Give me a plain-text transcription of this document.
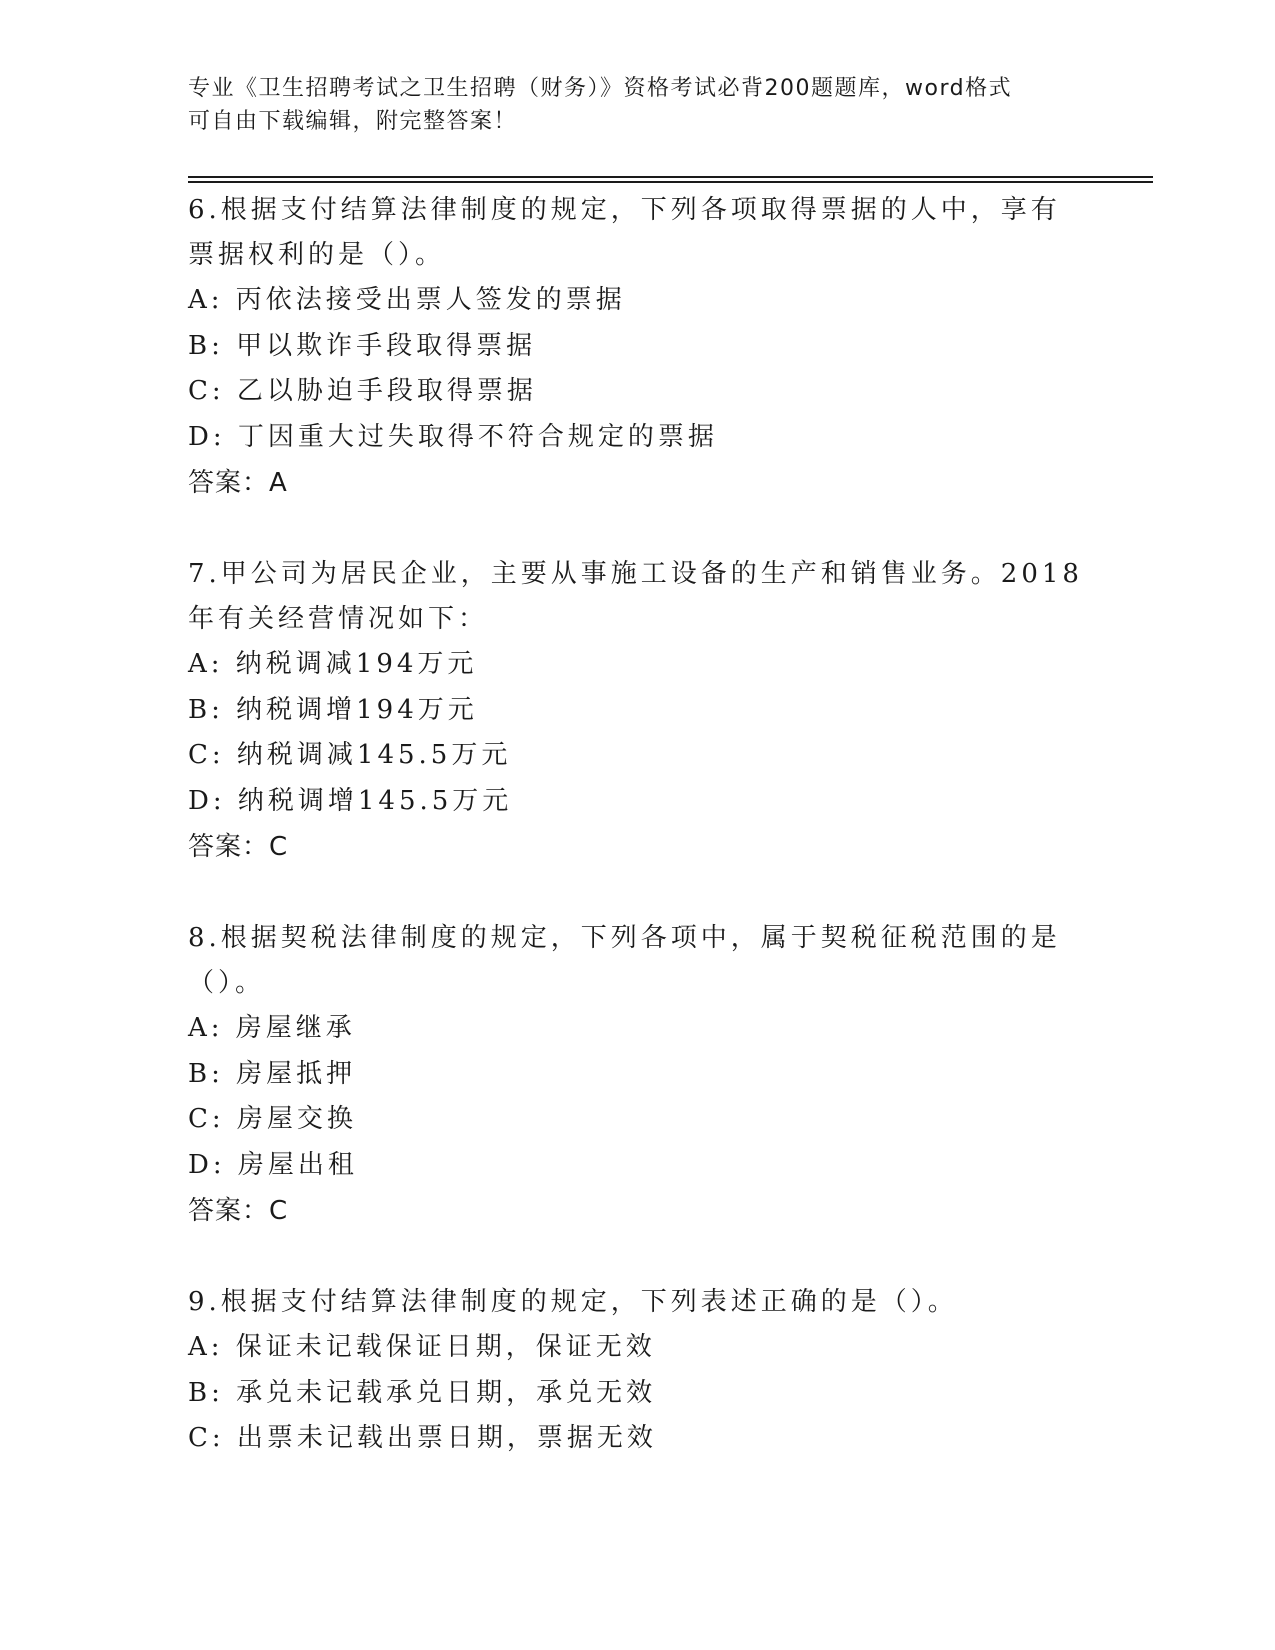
专业《卫生招聘考试之卫生招聘（财务）》资格考试必背200题题库，word格式
可自由下载编辑，附完整答案！
6.根据支付结算法律制度的规定，下列各项取得票据的人中，享有票据权利的是（）。
A: 丙依法接受出票人签发的票据
B: 甲以欺诈手段取得票据
C: 乙以胁迫手段取得票据
D: 丁因重大过失取得不符合规定的票据
答案：A
7.甲公司为居民企业，主要从事施工设备的生产和销售业务。2018年有关经营情况如下：
A: 纳税调减194万元
B: 纳税调增194万元
C: 纳税调减145.5万元
D: 纳税调增145.5万元
答案：C
8.根据契税法律制度的规定，下列各项中，属于契税征税范围的是（）。
A: 房屋继承
B: 房屋抵押
C: 房屋交换
D: 房屋出租
答案：C
9.根据支付结算法律制度的规定，下列表述正确的是（）。
A: 保证未记载保证日期，保证无效
B: 承兑未记载承兑日期，承兑无效
C: 出票未记载出票日期，票据无效
